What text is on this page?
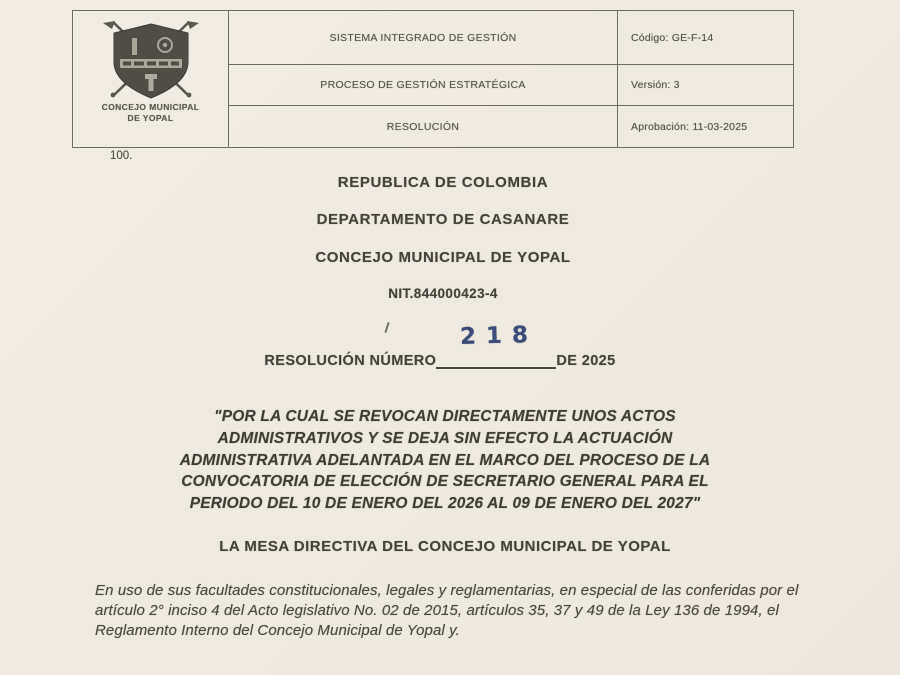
CONCEJO MUNICIPAL
DE YOPAL
SISTEMA INTEGRADO DE GESTIÓN	Código: GE-F-14
PROCESO DE GESTIÓN ESTRATÉGICA	Versión: 3
RESOLUCIÓN	Aprobación: 11-03-2025
100.
REPUBLICA DE COLOMBIA
DEPARTAMENTO DE CASANARE
CONCEJO MUNICIPAL DE YOPAL
NIT.844000423-4
RESOLUCIÓN NÚMERO
218
DE 2025
"POR LA CUAL SE REVOCAN DIRECTAMENTE UNOS ACTOS
ADMINISTRATIVOS Y SE DEJA SIN EFECTO LA ACTUACIÓN
ADMINISTRATIVA ADELANTADA EN EL MARCO DEL PROCESO DE LA
CONVOCATORIA DE ELECCIÓN DE SECRETARIO GENERAL PARA EL
PERIODO DEL 10 DE ENERO DEL 2026 AL 09 DE ENERO DEL 2027"
LA MESA DIRECTIVA DEL CONCEJO MUNICIPAL DE YOPAL
En uso de sus facultades constitucionales, legales y reglamentarias, en especial de las conferidas por el artículo 2° inciso 4 del Acto legislativo No. 02 de 2015, artículos 35, 37 y 49 de la Ley 136 de 1994, el Reglamento Interno del Concejo Municipal de Yopal y.
